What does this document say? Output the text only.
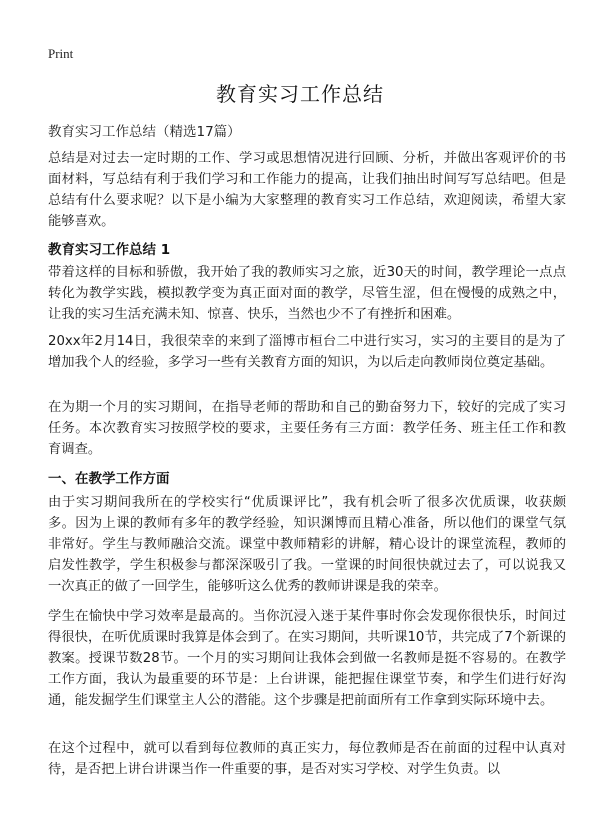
Print
教育实习工作总结
教育实习工作总结（精选17篇）
总结是对过去一定时期的工作、学习或思想情况进行回顾、分析，并做出客观评价的书面材料，写总结有利于我们学习和工作能力的提高，让我们抽出时间写写总结吧。但是总结有什么要求呢？以下是小编为大家整理的教育实习工作总结，欢迎阅读，希望大家能够喜欢。
教育实习工作总结 1
带着这样的目标和骄傲，我开始了我的教师实习之旅，近30天的时间，教学理论一点点转化为教学实践，模拟教学变为真正面对面的教学，尽管生涩，但在慢慢的成熟之中，让我的实习生活充满未知、惊喜、快乐，当然也少不了有挫折和困难。
20xx年2月14日，我很荣幸的来到了淄博市桓台二中进行实习，实习的主要目的是为了增加我个人的经验，多学习一些有关教育方面的知识，为以后走向教师岗位奠定基础。
在为期一个月的实习期间，在指导老师的帮助和自己的勤奋努力下，较好的完成了实习任务。本次教育实习按照学校的要求，主要任务有三方面：教学任务、班主任工作和教育调查。
一、在教学工作方面
由于实习期间我所在的学校实行“优质课评比”，我有机会听了很多次优质课，收获颇多。因为上课的教师有多年的教学经验，知识渊博而且精心准备，所以他们的课堂气氛非常好。学生与教师融洽交流。课堂中教师精彩的讲解，精心设计的课堂流程，教师的启发性教学，学生积极参与都深深吸引了我。一堂课的时间很快就过去了，可以说我又一次真正的做了一回学生，能够听这么优秀的教师讲课是我的荣幸。
学生在愉快中学习效率是最高的。当你沉浸入迷于某件事时你会发现你很快乐，时间过得很快，在听优质课时我算是体会到了。在实习期间，共听课10节，共完成了7个新课的教案。授课节数28节。一个月的实习期间让我体会到做一名教师是挺不容易的。在教学工作方面，我认为最重要的环节是：上台讲课，能把握住课堂节奏，和学生们进行好沟通，能发掘学生们课堂主人公的潜能。这个步骤是把前面所有工作拿到实际环境中去。
在这个过程中，就可以看到每位教师的真正实力，每位教师是否在前面的过程中认真对待，是否把上讲台讲课当作一件重要的事，是否对实习学校、对学生负责。以
